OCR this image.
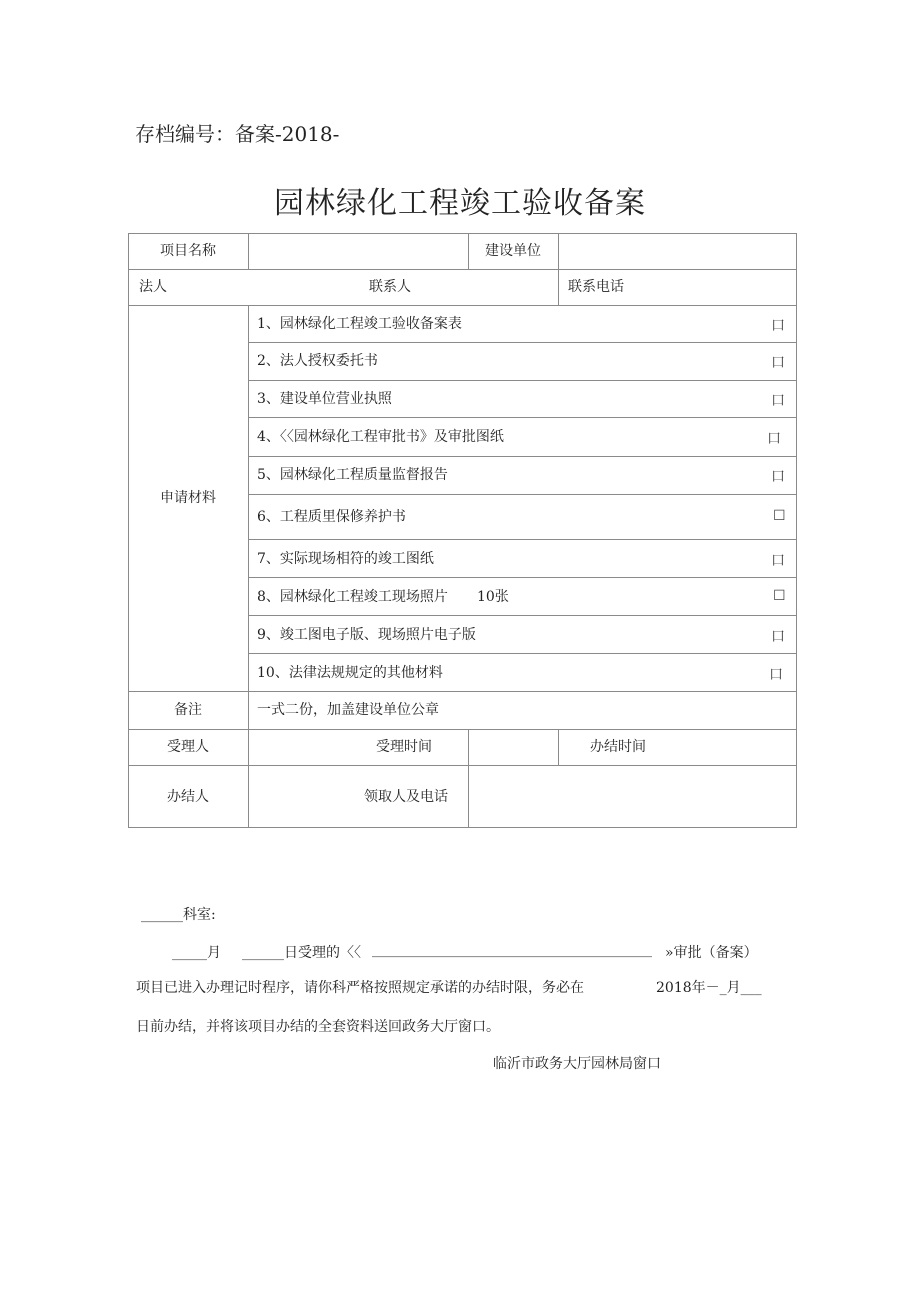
存档编号：备案-2018-
园林绿化工程竣工验收备案
项目名称	建设单位
法人	联系人	联系电话
申请材料
1、园林绿化工程竣工验收备案表	口
2、法人授权委托书	口
3、建设单位营业执照	口
4、〈〈园林绿化工程审批书》及审批图纸	口
5、园林绿化工程质量监督报告	口
6、工程质里保修养护书	☐
7、实际现场相符的竣工图纸	口
8、园林绿化工程竣工现场照片 10张	☐
9、竣工图电子版、现场照片电子版	口
10、法律法规规定的其他材料	口
备注	一式二份，加盖建设单位公章
受理人	受理时间	办结时间
办结人	领取人及电话
______科室:
_____月 ______日受理的〈〈 ________________________________________ »审批（备案）
项目已进入办理记时程序，请你科严格按照规定承诺的办结时限，务必在	2018年－_月___
日前办结，并将该项目办结的全套资料送回政务大厅窗口。
临沂市政务大厅园林局窗口
